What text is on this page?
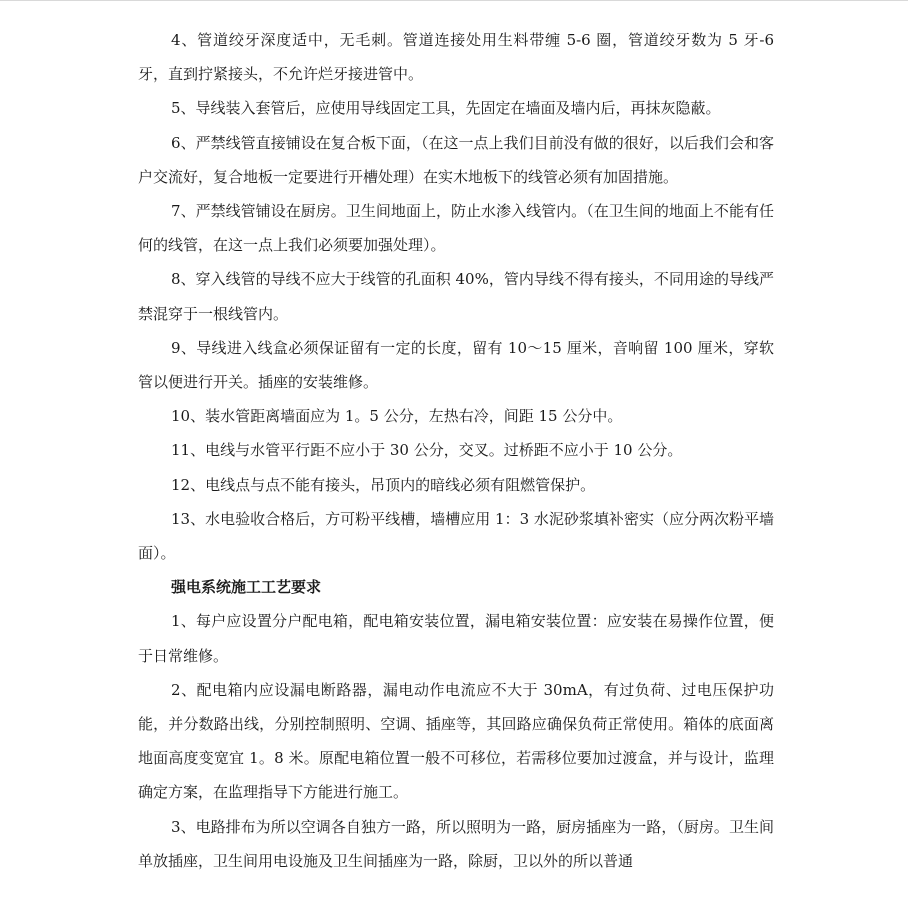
4、管道绞牙深度适中，无毛刺。管道连接处用生料带缠 5-6 圈，管道绞牙数为 5 牙-6 牙，直到拧紧接头，不允许烂牙接进管中。

5、导线装入套管后，应使用导线固定工具，先固定在墙面及墙内后，再抹灰隐蔽。

6、严禁线管直接铺设在复合板下面，（在这一点上我们目前没有做的很好，以后我们会和客户交流好，复合地板一定要进行开槽处理）在实木地板下的线管必须有加固措施。

7、严禁线管铺设在厨房。卫生间地面上，防止水渗入线管内。（在卫生间的地面上不能有任何的线管，在这一点上我们必须要加强处理）。

8、穿入线管的导线不应大于线管的孔面积 40%，管内导线不得有接头，不同用途的导线严禁混穿于一根线管内。

9、导线进入线盒必须保证留有一定的长度，留有 10～15 厘米，音响留 100 厘米，穿软管以便进行开关。插座的安装维修。

10、装水管距离墙面应为 1。5 公分，左热右冷，间距 15 公分中。

11、电线与水管平行距不应小于 30 公分，交叉。过桥距不应小于 10 公分。

12、电线点与点不能有接头，吊顶内的暗线必须有阻燃管保护。

13、水电验收合格后，方可粉平线槽，墙槽应用 1：3 水泥砂浆填补密实（应分两次粉平墙面）。

强电系统施工工艺要求

1、每户应设置分户配电箱，配电箱安装位置，漏电箱安装位置：应安装在易操作位置，便于日常维修。

2、配电箱内应设漏电断路器，漏电动作电流应不大于 30mA，有过负荷、过电压保护功能，并分数路出线，分别控制照明、空调、插座等，其回路应确保负荷正常使用。箱体的底面离地面高度变宽宜 1。8 米。原配电箱位置一般不可移位，若需移位要加过渡盒，并与设计，监理确定方案，在监理指导下方能进行施工。

3、电路排布为所以空调各自独方一路，所以照明为一路，厨房插座为一路，（厨房。卫生间单放插座，卫生间用电设施及卫生间插座为一路，除厨，卫以外的所以普通
